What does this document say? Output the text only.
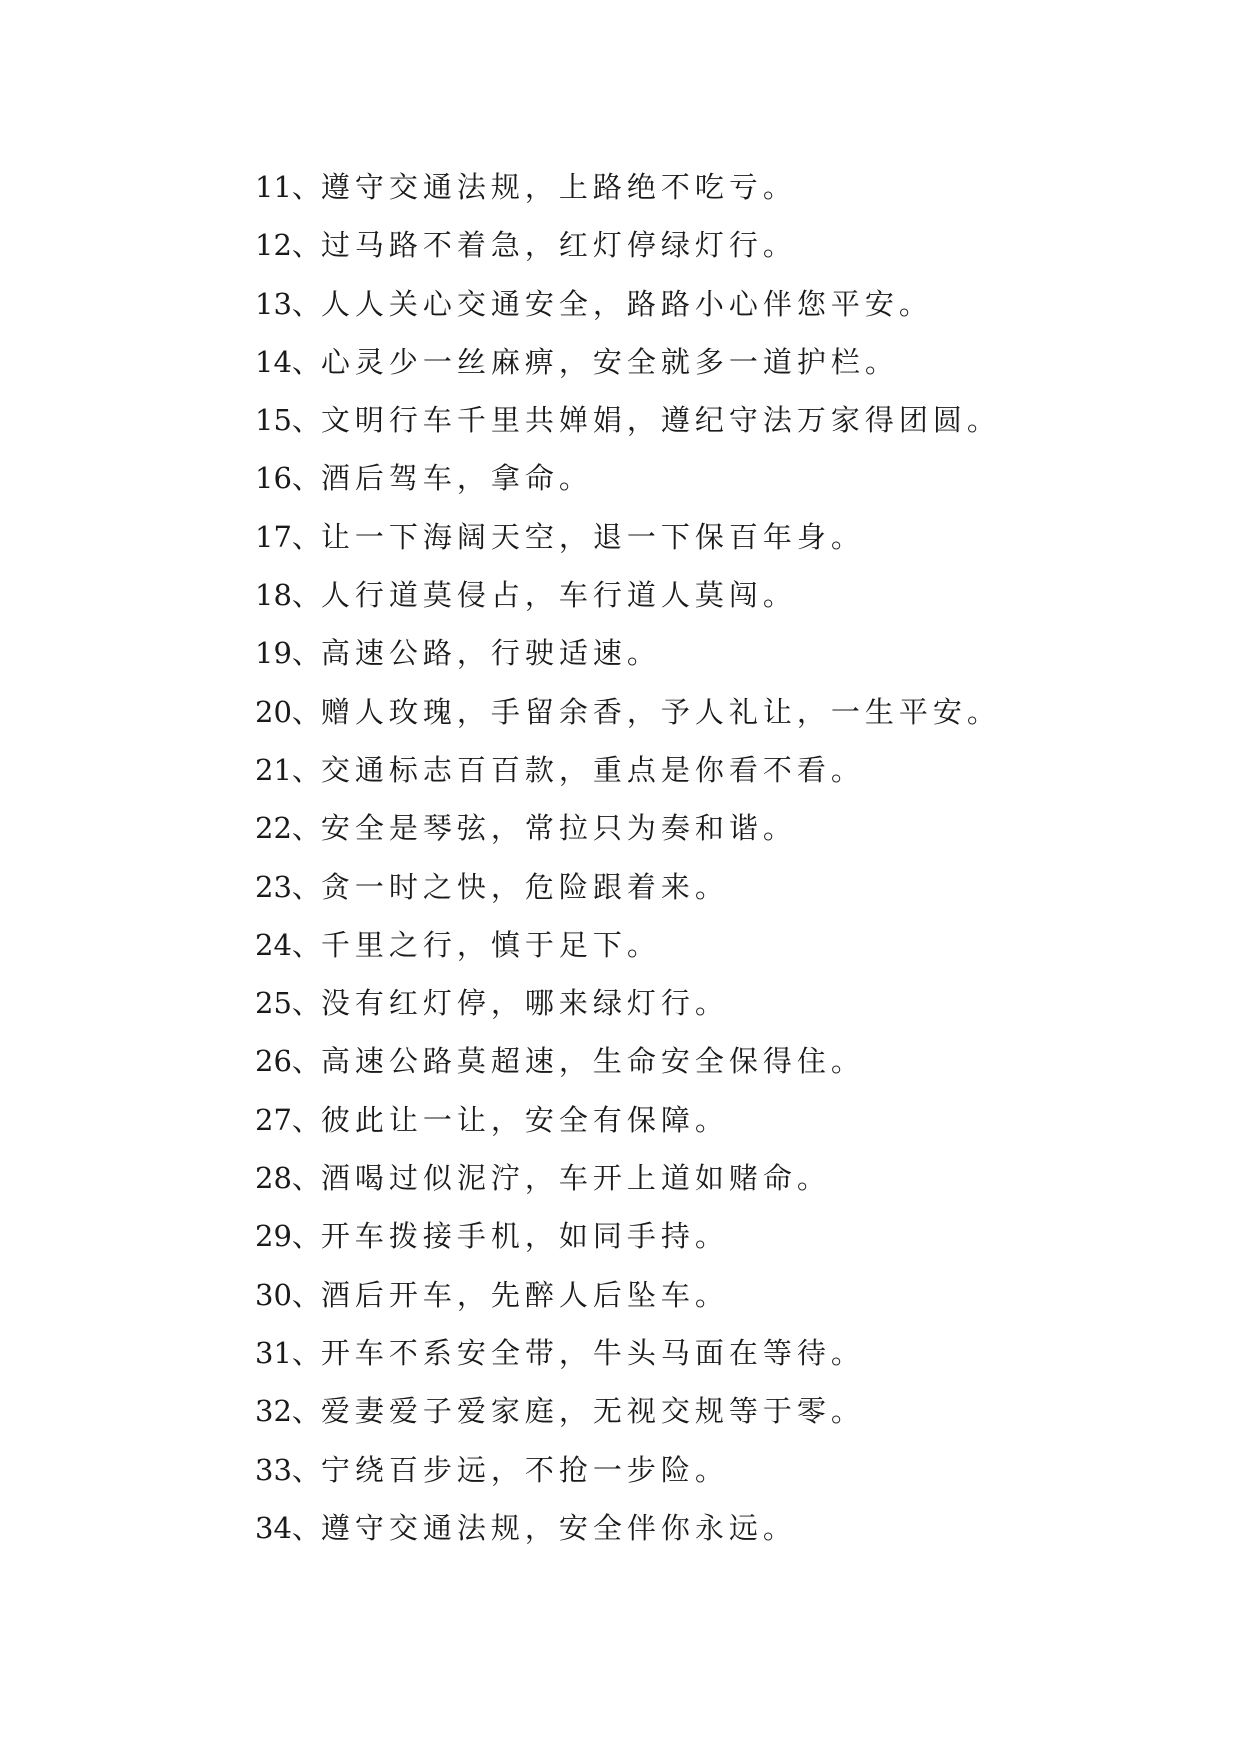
11、遵守交通法规，上路绝不吃亏。
12、过马路不着急，红灯停绿灯行。
13、人人关心交通安全，路路小心伴您平安。
14、心灵少一丝麻痹，安全就多一道护栏。
15、文明行车千里共婵娟，遵纪守法万家得团圆。
16、酒后驾车，拿命。
17、让一下海阔天空，退一下保百年身。
18、人行道莫侵占，车行道人莫闯。
19、高速公路，行驶适速。
20、赠人玫瑰，手留余香，予人礼让，一生平安。
21、交通标志百百款，重点是你看不看。
22、安全是琴弦，常拉只为奏和谐。
23、贪一时之快，危险跟着来。
24、千里之行，慎于足下。
25、没有红灯停，哪来绿灯行。
26、高速公路莫超速，生命安全保得住。
27、彼此让一让，安全有保障。
28、酒喝过似泥泞，车开上道如赌命。
29、开车拨接手机，如同手持。
30、酒后开车，先醉人后坠车。
31、开车不系安全带，牛头马面在等待。
32、爱妻爱子爱家庭，无视交规等于零。
33、宁绕百步远，不抢一步险。
34、遵守交通法规，安全伴你永远。
